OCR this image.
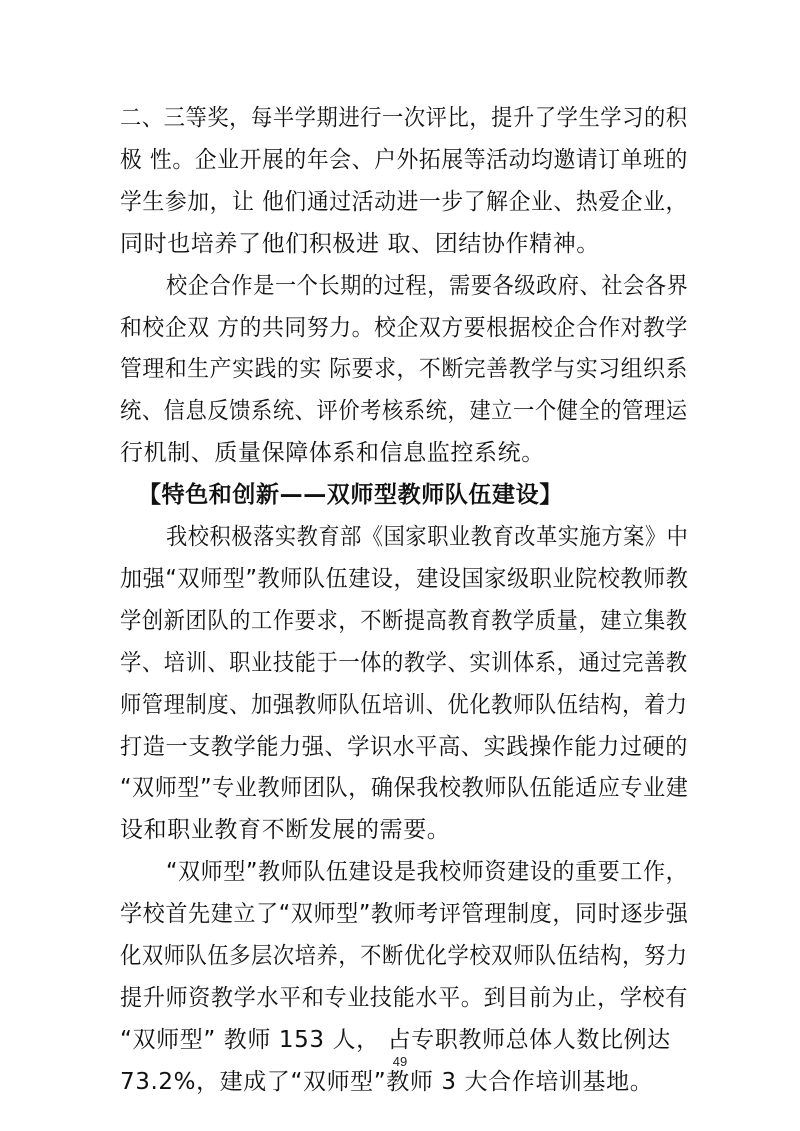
二、三等奖，每半学期进行一次评比，提升了学生学习的积
极 性。企业开展的年会、户外拓展等活动均邀请订单班的
学生参加，让 他们通过活动进一步了解企业、热爱企业，
同时也培养了他们积极进 取、团结协作精神。
校企合作是一个长期的过程，需要各级政府、社会各界
和校企双 方的共同努力。校企双方要根据校企合作对教学
管理和生产实践的实 际要求，不断完善教学与实习组织系
统、信息反馈系统、评价考核系统，建立一个健全的管理运
行机制、质量保障体系和信息监控系统。
【特色和创新——双师型教师队伍建设】
我校积极落实教育部《国家职业教育改革实施方案》中
加强“双师型”教师队伍建设，建设国家级职业院校教师教
学创新团队的工作要求，不断提高教育教学质量，建立集教
学、培训、职业技能于一体的教学、实训体系，通过完善教
师管理制度、加强教师队伍培训、优化教师队伍结构，着力
打造一支教学能力强、学识水平高、实践操作能力过硬的
“双师型”专业教师团队，确保我校教师队伍能适应专业建
设和职业教育不断发展的需要。
“双师型”教师队伍建设是我校师资建设的重要工作，
学校首先建立了“双师型”教师考评管理制度，同时逐步强
化双师队伍多层次培养，不断优化学校双师队伍结构，努力
提升师资教学水平和专业技能水平。到目前为止，学校有
“双师型” 教师 153 人， 占专职教师总体人数比例达
73.2%，建成了“双师型”教师 3 大合作培训基地。
49
